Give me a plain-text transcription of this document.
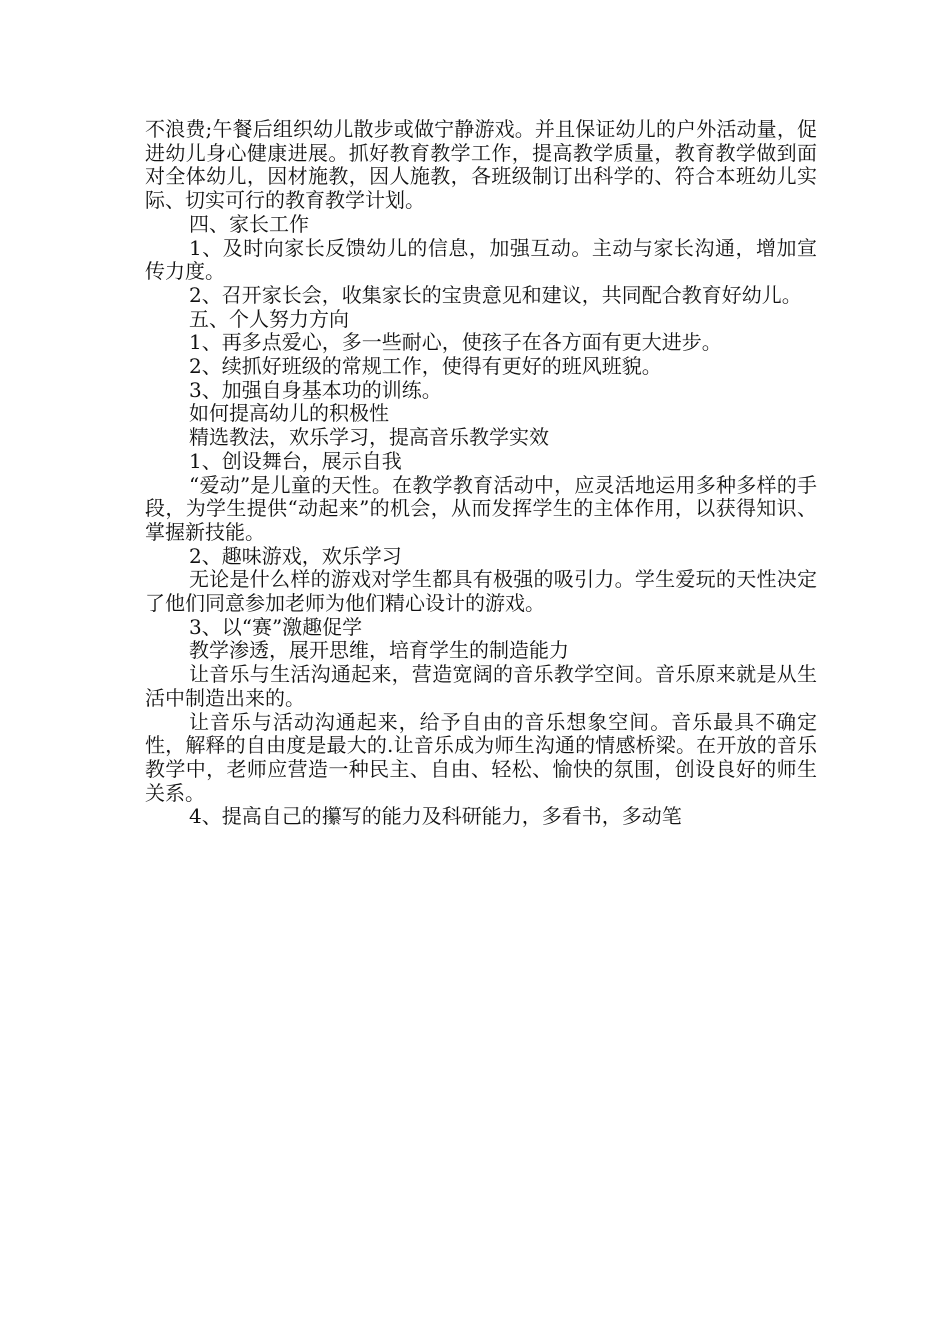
不浪费;午餐后组织幼儿散步或做宁静游戏。并且保证幼儿的户外活动量，促进幼儿身心健康进展。抓好教育教学工作，提高教学质量，教育教学做到面对全体幼儿，因材施教，因人施教，各班级制订出科学的、符合本班幼儿实际、切实可行的教育教学计划。

四、家长工作

1、及时向家长反馈幼儿的信息，加强互动。主动与家长沟通，增加宣传力度。

2、召开家长会，收集家长的宝贵意见和建议，共同配合教育好幼儿。

五、个人努力方向

1、再多点爱心，多一些耐心，使孩子在各方面有更大进步。

2、续抓好班级的常规工作，使得有更好的班风班貌。

3、加强自身基本功的训练。

如何提高幼儿的积极性

精选教法，欢乐学习，提高音乐教学实效

1、创设舞台，展示自我

“爱动”是儿童的天性。在教学教育活动中，应灵活地运用多种多样的手段，为学生提供“动起来”的机会，从而发挥学生的主体作用，以获得知识、掌握新技能。

2、趣味游戏，欢乐学习

无论是什么样的游戏对学生都具有极强的吸引力。学生爱玩的天性决定了他们同意参加老师为他们精心设计的游戏。

3、以“赛”激趣促学

教学渗透，展开思维，培育学生的制造能力

让音乐与生活沟通起来，营造宽阔的音乐教学空间。音乐原来就是从生活中制造出来的。

让音乐与活动沟通起来，给予自由的音乐想象空间。音乐最具不确定性，解释的自由度是最大的.让音乐成为师生沟通的情感桥梁。在开放的音乐教学中，老师应营造一种民主、自由、轻松、愉快的氛围，创设良好的师生关系。

4、提高自己的攥写的能力及科研能力，多看书，多动笔
